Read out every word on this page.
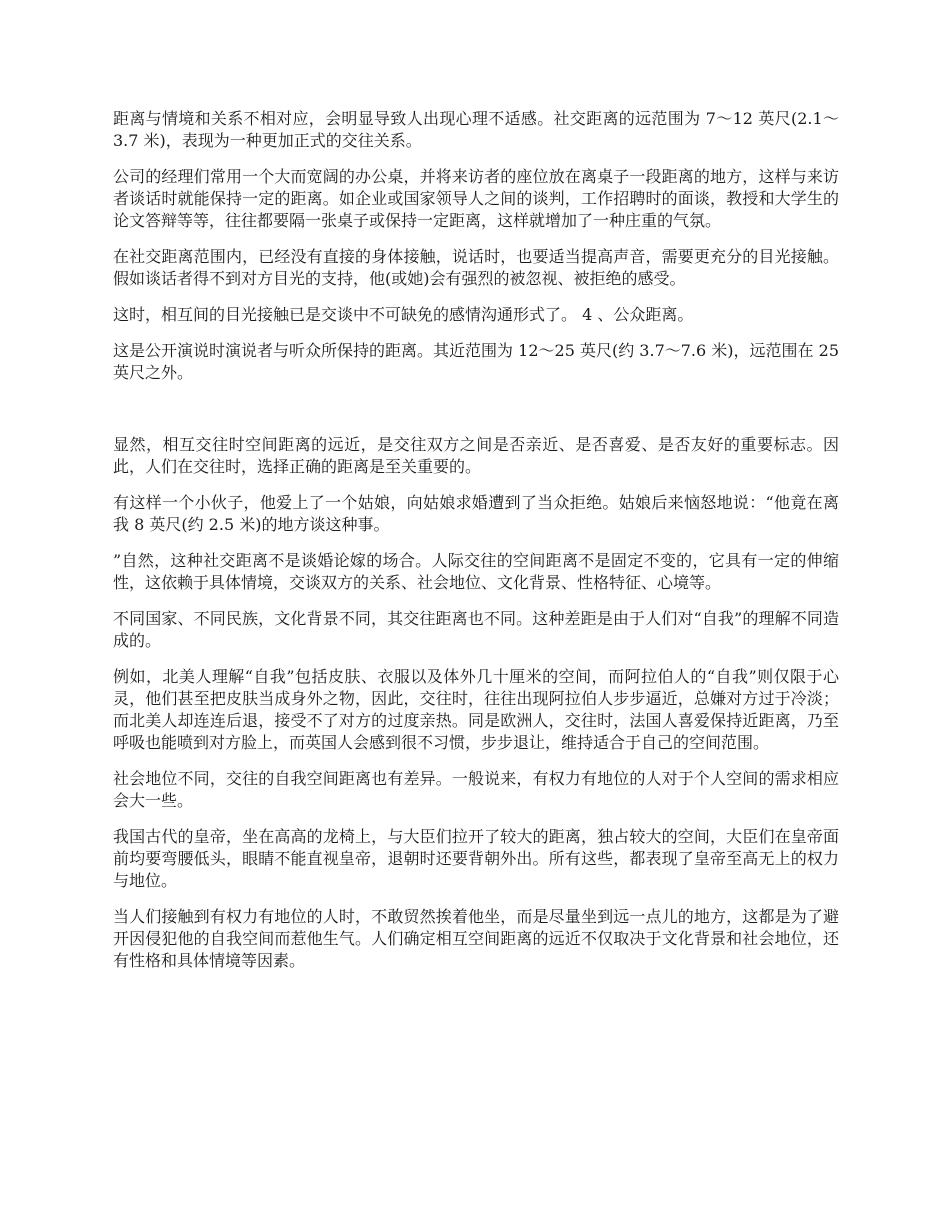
距离与情境和关系不相对应，会明显导致人出现心理不适感。社交距离的远范围为 7～12 英尺(2.1～3.7 米)，表现为一种更加正式的交往关系。

公司的经理们常用一个大而宽阔的办公桌，并将来访者的座位放在离桌子一段距离的地方，这样与来访者谈话时就能保持一定的距离。如企业或国家领导人之间的谈判，工作招聘时的面谈，教授和大学生的论文答辩等等，往往都要隔一张桌子或保持一定距离，这样就增加了一种庄重的气氛。

在社交距离范围内，已经没有直接的身体接触，说话时，也要适当提高声音，需要更充分的目光接触。假如谈话者得不到对方目光的支持，他(或她)会有强烈的被忽视、被拒绝的感受。

这时，相互间的目光接触已是交谈中不可缺免的感情沟通形式了。 4 、公众距离。

这是公开演说时演说者与听众所保持的距离。其近范围为 12～25 英尺(约 3.7～7.6 米)，远范围在 25 英尺之外。

显然，相互交往时空间距离的远近，是交往双方之间是否亲近、是否喜爱、是否友好的重要标志。因此，人们在交往时，选择正确的距离是至关重要的。

有这样一个小伙子，他爱上了一个姑娘，向姑娘求婚遭到了当众拒绝。姑娘后来恼怒地说：“他竟在离我 8 英尺(约 2.5 米)的地方谈这种事。

”自然，这种社交距离不是谈婚论嫁的场合。人际交往的空间距离不是固定不变的，它具有一定的伸缩性，这依赖于具体情境，交谈双方的关系、社会地位、文化背景、性格特征、心境等。

不同国家、不同民族，文化背景不同，其交往距离也不同。这种差距是由于人们对“自我”的理解不同造成的。

例如，北美人理解“自我”包括皮肤、衣服以及体外几十厘米的空间，而阿拉伯人的“自我”则仅限于心灵，他们甚至把皮肤当成身外之物，因此，交往时，往往出现阿拉伯人步步逼近，总嫌对方过于冷淡；而北美人却连连后退，接受不了对方的过度亲热。同是欧洲人，交往时，法国人喜爱保持近距离，乃至呼吸也能喷到对方脸上，而英国人会感到很不习惯，步步退让，维持适合于自己的空间范围。

社会地位不同，交往的自我空间距离也有差异。一般说来，有权力有地位的人对于个人空间的需求相应会大一些。

我国古代的皇帝，坐在高高的龙椅上，与大臣们拉开了较大的距离，独占较大的空间，大臣们在皇帝面前均要弯腰低头，眼睛不能直视皇帝，退朝时还要背朝外出。所有这些，都表现了皇帝至高无上的权力与地位。

当人们接触到有权力有地位的人时，不敢贸然挨着他坐，而是尽量坐到远一点儿的地方，这都是为了避开因侵犯他的自我空间而惹他生气。人们确定相互空间距离的远近不仅取决于文化背景和社会地位，还有性格和具体情境等因素。
